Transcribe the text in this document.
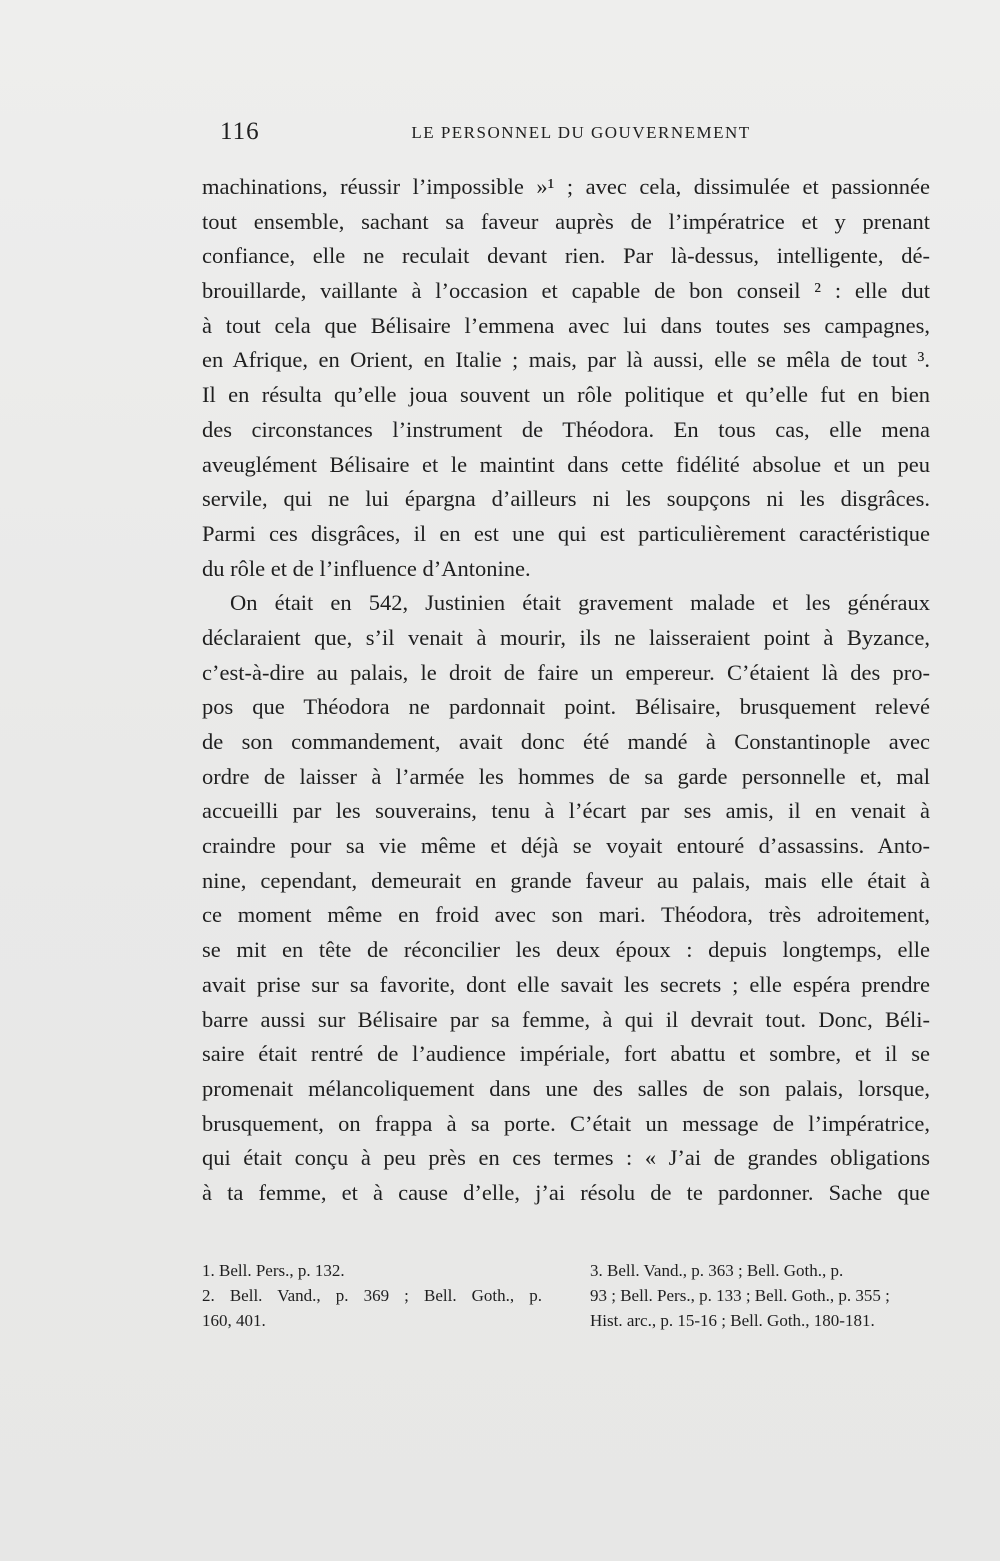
116	LE PERSONNEL DU GOUVERNEMENT
machinations, réussir l’impossible »¹ ; avec cela, dissimulée et passionnée
tout ensemble, sachant sa faveur auprès de l’impératrice et y prenant
confiance, elle ne reculait devant rien. Par là-dessus, intelligente, dé-
brouillarde, vaillante à l’occasion et capable de bon conseil ² : elle dut
à tout cela que Bélisaire l’emmena avec lui dans toutes ses campagnes,
en Afrique, en Orient, en Italie ; mais, par là aussi, elle se mêla de tout ³.
Il en résulta qu’elle joua souvent un rôle politique et qu’elle fut en bien
des circonstances l’instrument de Théodora. En tous cas, elle mena
aveuglément Bélisaire et le maintint dans cette fidélité absolue et un peu
servile, qui ne lui épargna d’ailleurs ni les soupçons ni les disgrâces.
Parmi ces disgrâces, il en est une qui est particulièrement caractéristique
du rôle et de l’influence d’Antonine.
On était en 542, Justinien était gravement malade et les généraux
déclaraient que, s’il venait à mourir, ils ne laisseraient point à Byzance,
c’est-à-dire au palais, le droit de faire un empereur. C’étaient là des pro-
pos que Théodora ne pardonnait point. Bélisaire, brusquement relevé
de son commandement, avait donc été mandé à Constantinople avec
ordre de laisser à l’armée les hommes de sa garde personnelle et, mal
accueilli par les souverains, tenu à l’écart par ses amis, il en venait à
craindre pour sa vie même et déjà se voyait entouré d’assassins. Anto-
nine, cependant, demeurait en grande faveur au palais, mais elle était à
ce moment même en froid avec son mari. Théodora, très adroitement,
se mit en tête de réconcilier les deux époux : depuis longtemps, elle
avait prise sur sa favorite, dont elle savait les secrets ; elle espéra prendre
barre aussi sur Bélisaire par sa femme, à qui il devrait tout. Donc, Béli-
saire était rentré de l’audience impériale, fort abattu et sombre, et il se
promenait mélancoliquement dans une des salles de son palais, lorsque,
brusquement, on frappa à sa porte. C’était un message de l’impératrice,
qui était conçu à peu près en ces termes : « J’ai de grandes obligations
à ta femme, et à cause d’elle, j’ai résolu de te pardonner. Sache que
1. Bell. Pers., p. 132.
2. Bell. Vand., p. 369 ; Bell. Goth., p.
160, 401.
3. Bell. Vand., p. 363 ; Bell. Goth., p.
93 ; Bell. Pers., p. 133 ; Bell. Goth., p. 355 ;
Hist. arc., p. 15-16 ; Bell. Goth., 180-181.
